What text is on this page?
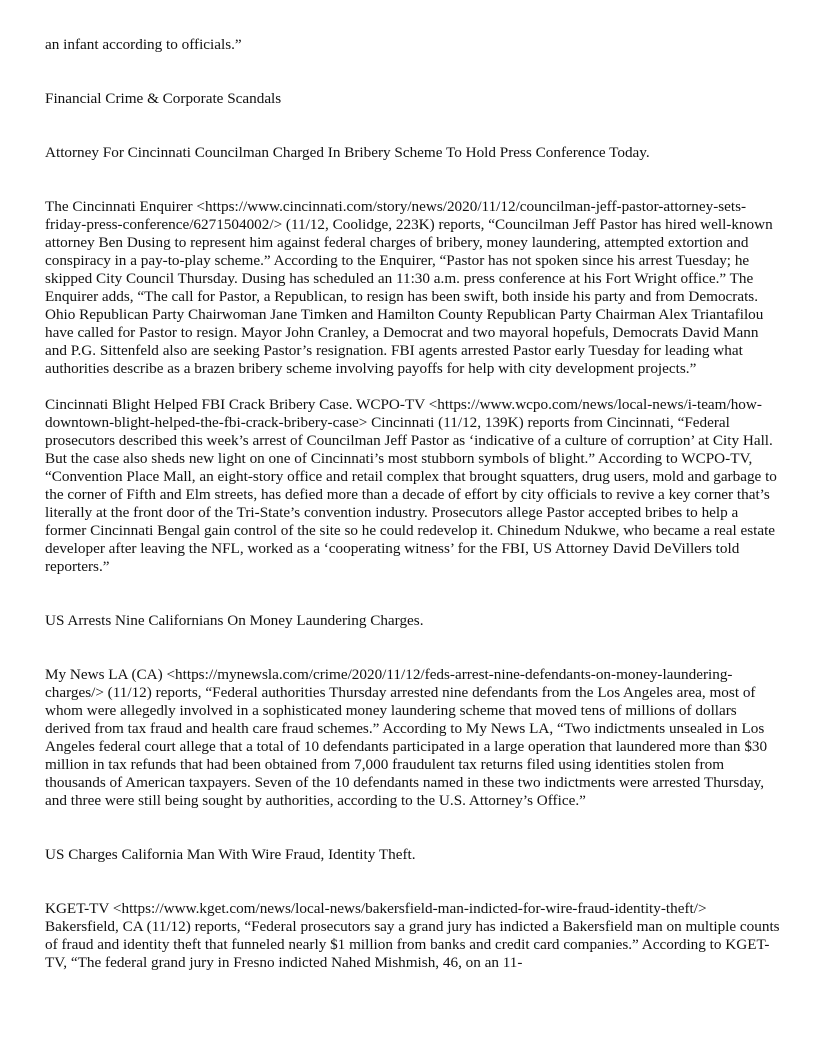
an infant according to officials.”

Financial Crime & Corporate Scandals

Attorney For Cincinnati Councilman Charged In Bribery Scheme To Hold Press Conference Today.

The Cincinnati Enquirer <https://www.cincinnati.com/story/news/2020/11/12/councilman-jeff-pastor-attorney-sets-friday-press-conference/6271504002/> (11/12, Coolidge, 223K) reports, “Councilman Jeff Pastor has hired well-known attorney Ben Dusing to represent him against federal charges of bribery, money laundering, attempted extortion and conspiracy in a pay-to-play scheme.” According to the Enquirer, “Pastor has not spoken since his arrest Tuesday; he skipped City Council Thursday. Dusing has scheduled an 11:30 a.m. press conference at his Fort Wright office.” The Enquirer adds, “The call for Pastor, a Republican, to resign has been swift, both inside his party and from Democrats. Ohio Republican Party Chairwoman Jane Timken and Hamilton County Republican Party Chairman Alex Triantafilou have called for Pastor to resign. Mayor John Cranley, a Democrat and two mayoral hopefuls, Democrats David Mann and P.G. Sittenfeld also are seeking Pastor’s resignation. FBI agents arrested Pastor early Tuesday for leading what authorities describe as a brazen bribery scheme involving payoffs for help with city development projects.”

Cincinnati Blight Helped FBI Crack Bribery Case. WCPO-TV <https://www.wcpo.com/news/local-news/i-team/how-downtown-blight-helped-the-fbi-crack-bribery-case> Cincinnati (11/12, 139K) reports from Cincinnati, “Federal prosecutors described this week’s arrest of Councilman Jeff Pastor as ‘indicative of a culture of corruption’ at City Hall. But the case also sheds new light on one of Cincinnati’s most stubborn symbols of blight.” According to WCPO-TV, “Convention Place Mall, an eight-story office and retail complex that brought squatters, drug users, mold and garbage to the corner of Fifth and Elm streets, has defied more than a decade of effort by city officials to revive a key corner that’s literally at the front door of the Tri-State’s convention industry. Prosecutors allege Pastor accepted bribes to help a former Cincinnati Bengal gain control of the site so he could redevelop it. Chinedum Ndukwe, who became a real estate developer after leaving the NFL, worked as a ‘cooperating witness’ for the FBI, US Attorney David DeVillers told reporters.”

US Arrests Nine Californians On Money Laundering Charges.

My News LA (CA) <https://mynewsla.com/crime/2020/11/12/feds-arrest-nine-defendants-on-money-laundering-charges/> (11/12) reports, “Federal authorities Thursday arrested nine defendants from the Los Angeles area, most of whom were allegedly involved in a sophisticated money laundering scheme that moved tens of millions of dollars derived from tax fraud and health care fraud schemes.” According to My News LA, “Two indictments unsealed in Los Angeles federal court allege that a total of 10 defendants participated in a large operation that laundered more than $30 million in tax refunds that had been obtained from 7,000 fraudulent tax returns filed using identities stolen from thousands of American taxpayers. Seven of the 10 defendants named in these two indictments were arrested Thursday, and three were still being sought by authorities, according to the U.S. Attorney’s Office.”

US Charges California Man With Wire Fraud, Identity Theft.

KGET-TV <https://www.kget.com/news/local-news/bakersfield-man-indicted-for-wire-fraud-identity-theft/> Bakersfield, CA (11/12) reports, “Federal prosecutors say a grand jury has indicted a Bakersfield man on multiple counts of fraud and identity theft that funneled nearly $1 million from banks and credit card companies.” According to KGET-TV, “The federal grand jury in Fresno indicted Nahed Mishmish, 46, on an 11-
